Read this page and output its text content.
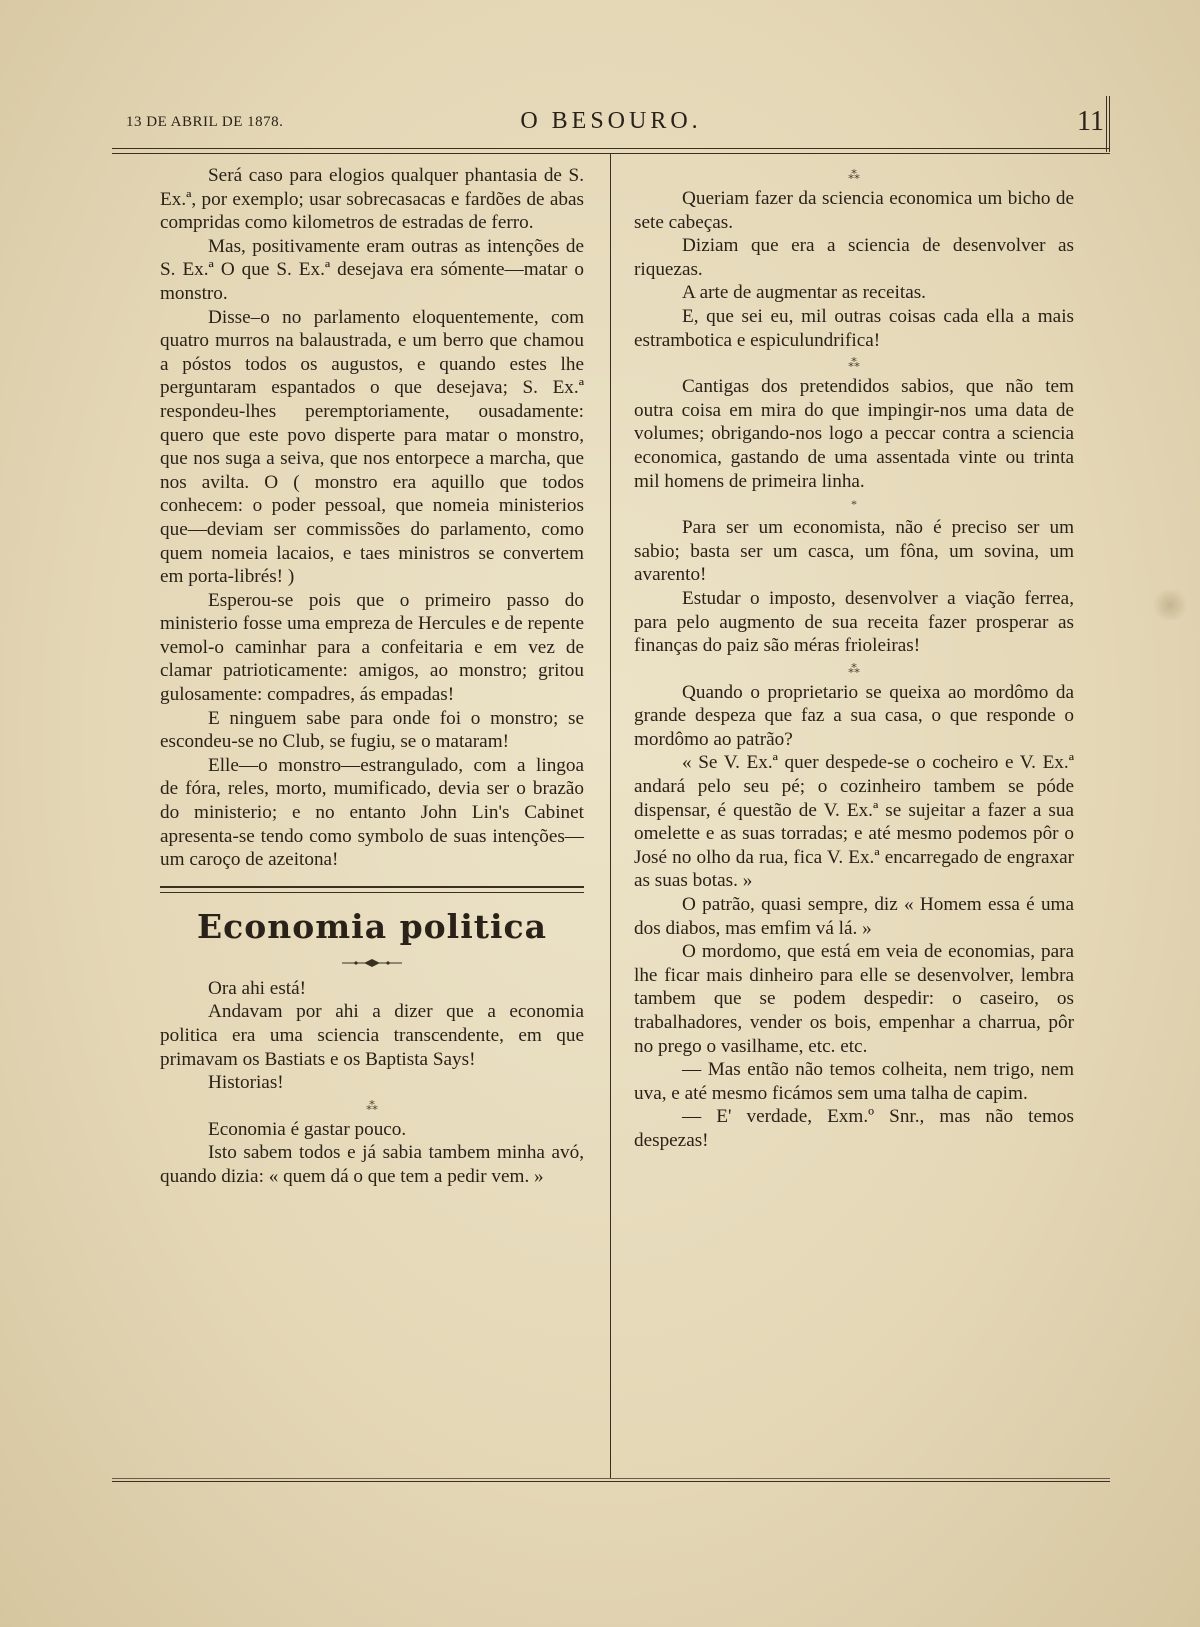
13 DE ABRIL DE 1878.	O BESOURO.	11

Será caso para elogios qualquer phantasia de S. Ex.ª, por exemplo; usar sobrecasacas e fardões de abas compridas como kilometros de estradas de ferro.

Mas, positivamente eram outras as intenções de S. Ex.ª O que S. Ex.ª desejava era sómente—matar o monstro.

Disse–o no parlamento eloquentemente, com quatro murros na balaustrada, e um berro que chamou a póstos todos os augustos, e quando estes lhe perguntaram espantados o que desejava; S. Ex.ª respondeu-lhes peremptoriamente, ousadamente: quero que este povo disperte para matar o monstro, que nos suga a seiva, que nos entorpece a marcha, que nos avilta. O ( monstro era aquillo que todos conhecem: o poder pessoal, que nomeia ministerios que—deviam ser commissões do parlamento, como quem nomeia lacaios, e taes ministros se convertem em porta-librés! )

Esperou-se pois que o primeiro passo do ministerio fosse uma empreza de Hercules e de repente vemol-o caminhar para a confeitaria e em vez de clamar patrioticamente: amigos, ao monstro; gritou gulosamente: compadres, ás empadas!

E ninguem sabe para onde foi o monstro; se escondeu-se no Club, se fugiu, se o mataram!

Elle—o monstro—estrangulado, com a lingoa de fóra, reles, morto, mumificado, devia ser o brazão do ministerio; e no entanto John Lin's Cabinet apresenta-se tendo como symbolo de suas intenções—um caroço de azeitona!

Economia politica

Ora ahi está!

Andavam por ahi a dizer que a economia politica era uma sciencia transcendente, em que primavam os Bastiats e os Baptista Says!

Historias!

⁂

Economia é gastar pouco.

Isto sabem todos e já sabia tambem minha avó, quando dizia: « quem dá o que tem a pedir vem. »

⁂

Queriam fazer da sciencia economica um bicho de sete cabeças.

Diziam que era a sciencia de desenvolver as riquezas.

A arte de augmentar as receitas.

E, que sei eu, mil outras coisas cada ella a mais estrambotica e espiculundrifica!

⁂

Cantigas dos pretendidos sabios, que não tem outra coisa em mira do que impingir-nos uma data de volumes; obrigando-nos logo a peccar contra a sciencia economica, gastando de uma assentada vinte ou trinta mil homens de primeira linha.

*

Para ser um economista, não é preciso ser um sabio; basta ser um casca, um fôna, um sovina, um avarento!

Estudar o imposto, desenvolver a viação ferrea, para pelo augmento de sua receita fazer prosperar as finanças do paiz são méras frioleiras!

⁂

Quando o proprietario se queixa ao mordômo da grande despeza que faz a sua casa, o que responde o mordômo ao patrão?

« Se V. Ex.ª quer despede-se o cocheiro e V. Ex.ª andará pelo seu pé; o cozinheiro tambem se póde dispensar, é questão de V. Ex.ª se sujeitar a fazer a sua omelette e as suas torradas; e até mesmo podemos pôr o José no olho da rua, fica V. Ex.ª encarregado de engraxar as suas botas. »

O patrão, quasi sempre, diz « Homem essa é uma dos diabos, mas emfim vá lá. »

O mordomo, que está em veia de economias, para lhe ficar mais dinheiro para elle se desenvolver, lembra tambem que se podem despedir: o caseiro, os trabalhadores, vender os bois, empenhar a charrua, pôr no prego o vasilhame, etc. etc.

— Mas então não temos colheita, nem trigo, nem uva, e até mesmo ficámos sem uma talha de capim.

— E' verdade, Exm.º Snr., mas não temos despezas!
